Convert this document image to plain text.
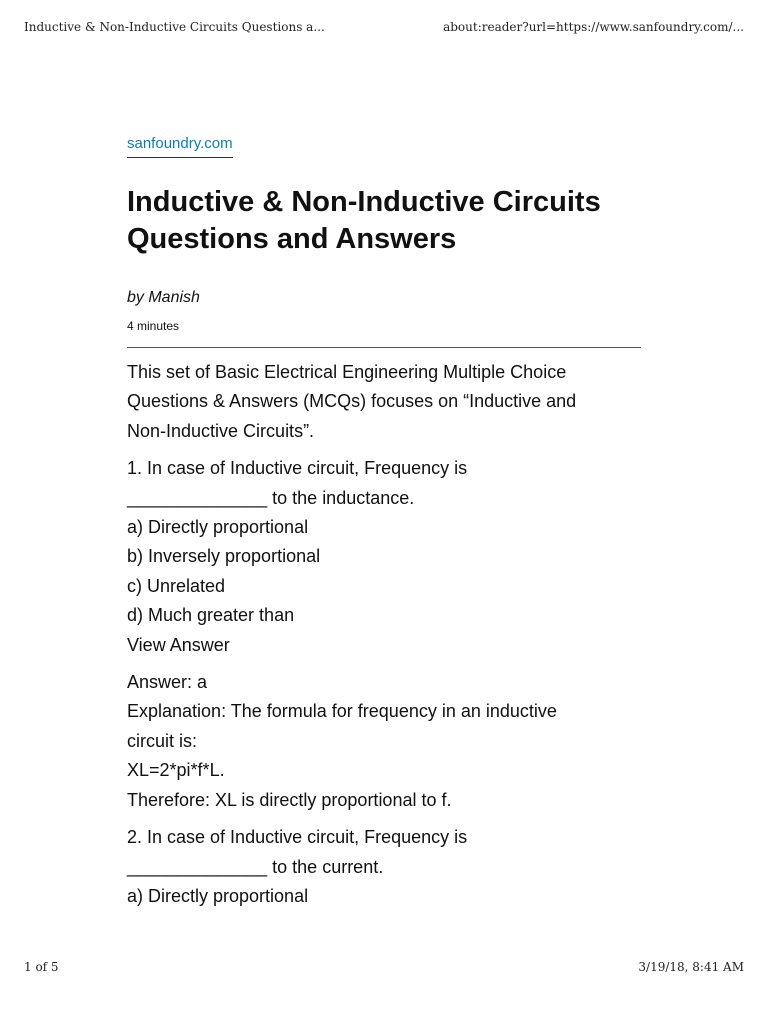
Inductive & Non-Inductive Circuits Questions a...	about:reader?url=https://www.sanfoundry.com/...
sanfoundry.com
Inductive & Non-Inductive Circuits
Questions and Answers
by Manish
4 minutes

This set of Basic Electrical Engineering Multiple Choice
Questions & Answers (MCQs) focuses on “Inductive and
Non-Inductive Circuits”.

1. In case of Inductive circuit, Frequency is
______________ to the inductance.
a) Directly proportional
b) Inversely proportional
c) Unrelated
d) Much greater than
View Answer

Answer: a
Explanation: The formula for frequency in an inductive
circuit is:
XL=2*pi*f*L.
Therefore: XL is directly proportional to f.

2. In case of Inductive circuit, Frequency is
______________ to the current.
a) Directly proportional

1 of 5	3/19/18, 8:41 AM
